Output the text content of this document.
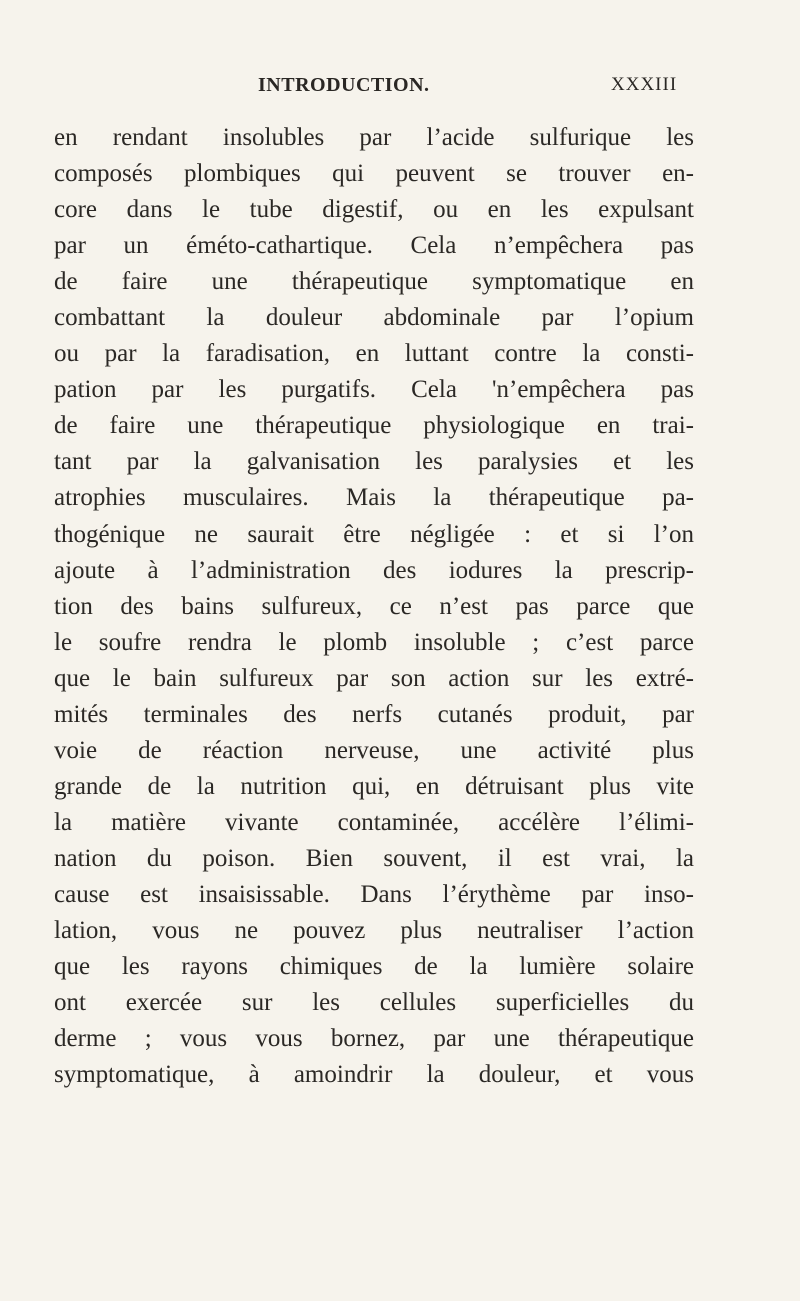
INTRODUCTION.	XXXIII
en rendant insolubles par l’acide sulfurique les
composés plombiques qui peuvent se trouver en-
core dans le tube digestif, ou en les expulsant
par un éméto-cathartique. Cela n’empêchera pas
de faire une thérapeutique symptomatique en
combattant la douleur abdominale par l’opium
ou par la faradisation, en luttant contre la consti-
pation par les purgatifs. Cela 'n’empêchera pas
de faire une thérapeutique physiologique en trai-
tant par la galvanisation les paralysies et les
atrophies musculaires. Mais la thérapeutique pa-
thogénique ne saurait être négligée : et si l’on
ajoute à l’administration des iodures la prescrip-
tion des bains sulfureux, ce n’est pas parce que
le soufre rendra le plomb insoluble ; c’est parce
que le bain sulfureux par son action sur les extré-
mités terminales des nerfs cutanés produit, par
voie de réaction nerveuse, une activité plus
grande de la nutrition qui, en détruisant plus vite
la matière vivante contaminée, accélère l’élimi-
nation du poison. Bien souvent, il est vrai, la
cause est insaisissable. Dans l’érythème par inso-
lation, vous ne pouvez plus neutraliser l’action
que les rayons chimiques de la lumière solaire
ont exercée sur les cellules superficielles du
derme ; vous vous bornez, par une thérapeutique
symptomatique, à amoindrir la douleur, et vous
